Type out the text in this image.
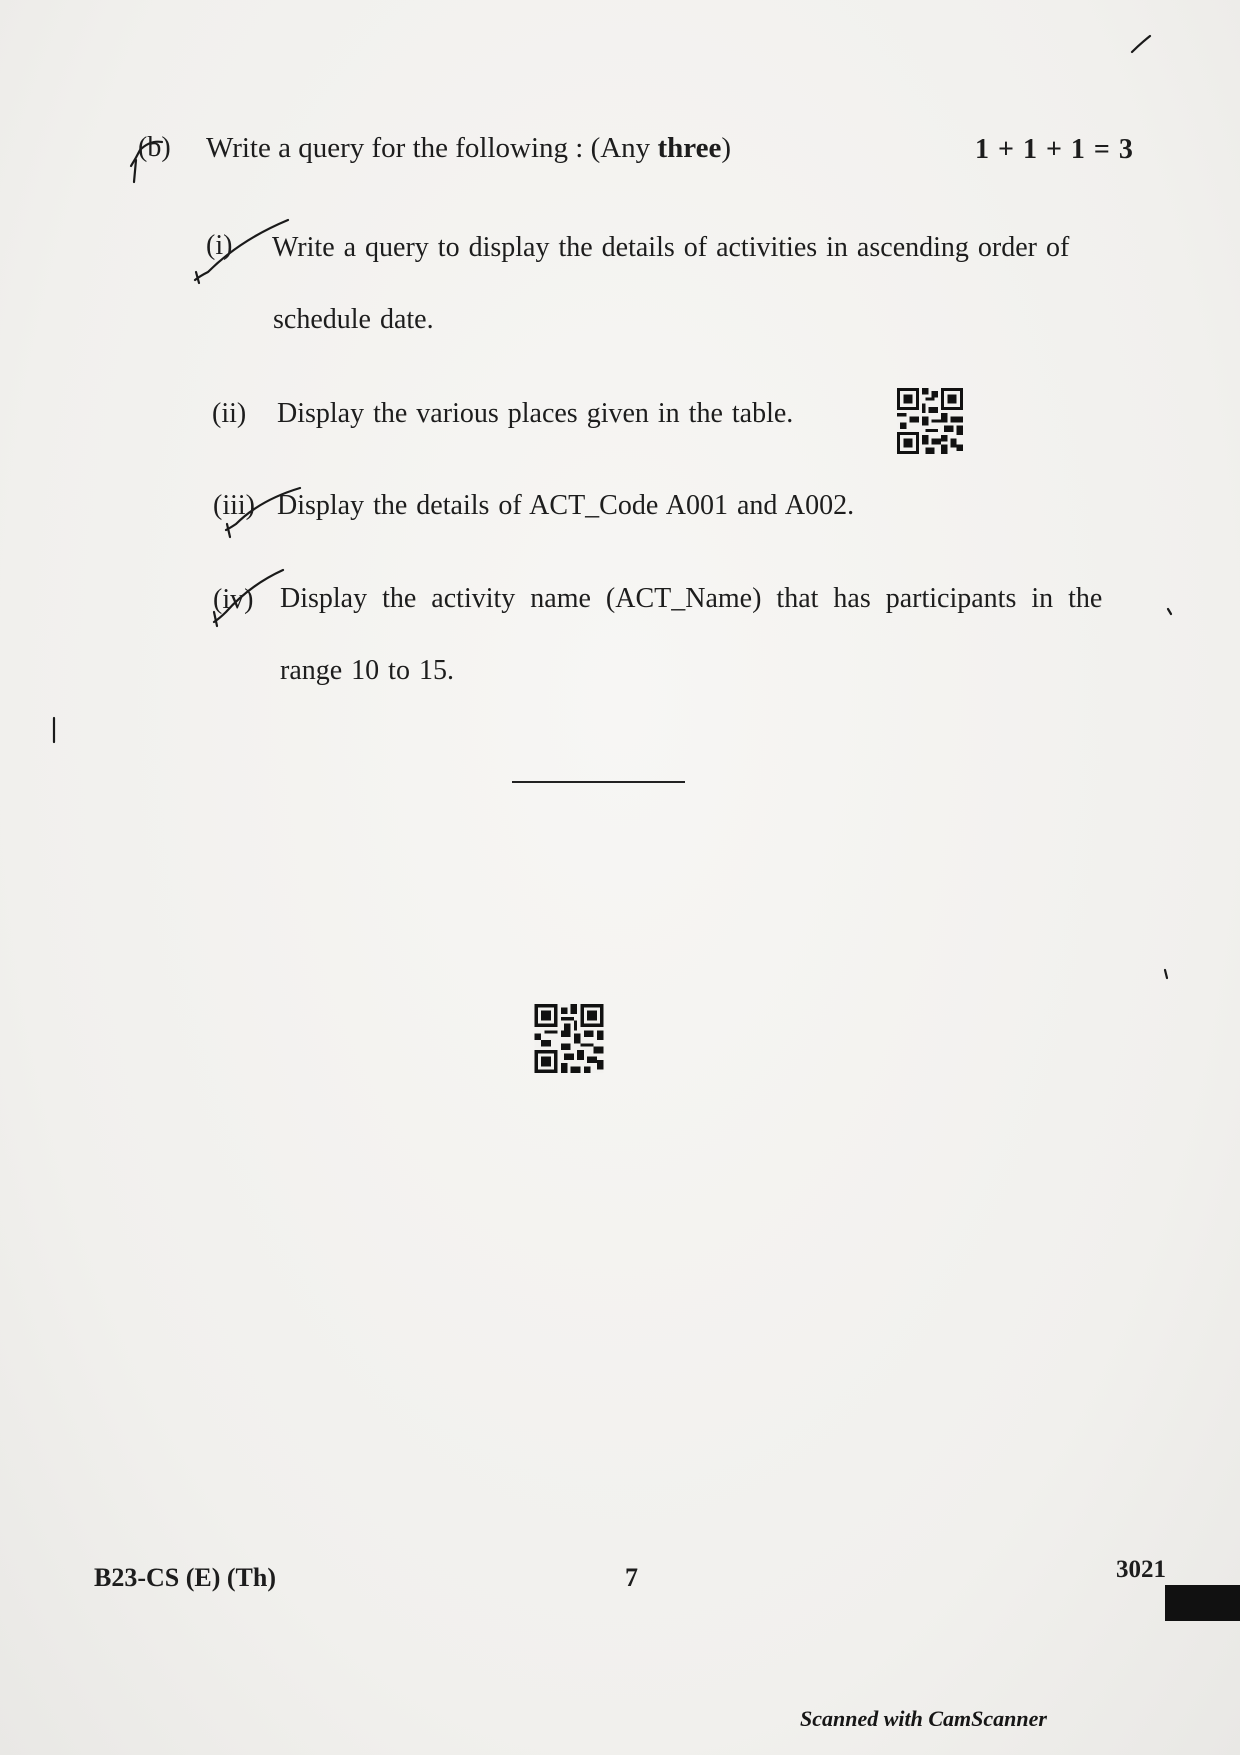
(b) Write a query for the following : (Any three)	1 + 1 + 1 = 3
(i) Write a query to display the details of activities in ascending order of
schedule date.
(ii) Display the various places given in the table.
(iii) Display the details of ACT_Code A001 and A002.
(iv) Display the activity name (ACT_Name) that has participants in the
range 10 to 15.
B23-CS (E) (Th)	7	3021
Scanned with CamScanner
